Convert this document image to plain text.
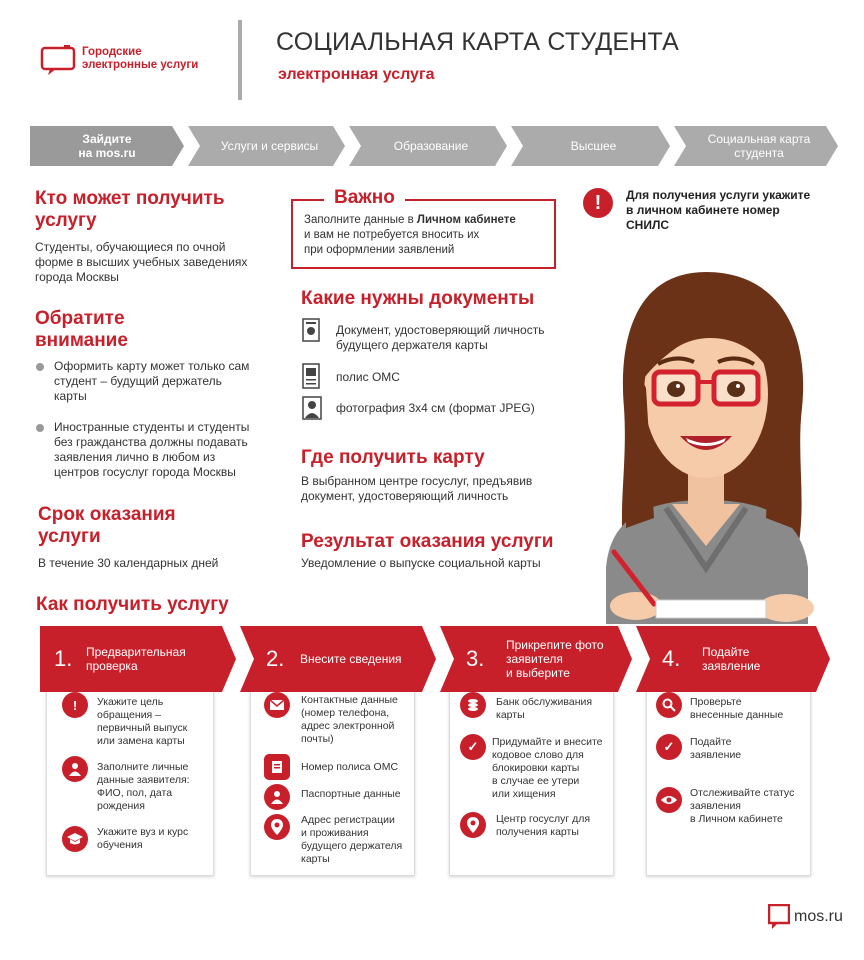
Городские
электронные услуги
СОЦИАЛЬНАЯ КАРТА СТУДЕНТА
электронная услуга
Зайдите
на mos.ru	Услуги и сервисы	Образование	Высшее	Социальная карта
студента
Кто может получить
услугу
Студенты, обучающиеся по очной
форме в высших учебных заведениях
города Москвы
Обратите
внимание
Оформить карту может только сам
студент – будущий держатель
карты
Иностранные студенты и студенты
без гражданства должны подавать
заявления лично в любом из
центров госуслуг города Москвы
Срок оказания
услуги
В течение 30 календарных дней
Важно
Заполните данные в Личном кабинете
и вам не потребуется вносить их
при оформлении заявлений
!	Для получения услуги укажите
в личном кабинете номер
СНИЛС
Какие нужны документы
Документ, удостоверяющий личность
будущего держателя карты
полис ОМС
фотография 3х4 см (формат JPEG)
Где получить карту
В выбранном центре госуслуг, предъявив
документ, удостоверяющий личность
Результат оказания услуги
Уведомление о выпуске социальной карты
Как получить услугу
1.	Предварительная
проверка	2.	Внесите сведения	3.
Прикрепите фото
заявителя
и выберите
4.	Подайте
заявление
!	Укажите цель
обращения –
первичный выпуск
или замена карты
Заполните личные
данные заявителя:
ФИО, пол, дата
рождения
Укажите вуз и курс
обучения
Контактные данные
(номер телефона,
адрес электронной
почты)
Номер полиса ОМС
Паспортные данные
Адрес регистрации
и проживания
будущего держателя
карты
Банк обслуживания
карты
✓	Придумайте и внесите
кодовое слово для
блокировки карты
в случае ее утери
или хищения
Центр госуслуг для
получения карты
Проверьте
внесенные данные
✓	Подайте
заявление
Отслеживайте статус
заявления
в Личном кабинете
mos.ru
